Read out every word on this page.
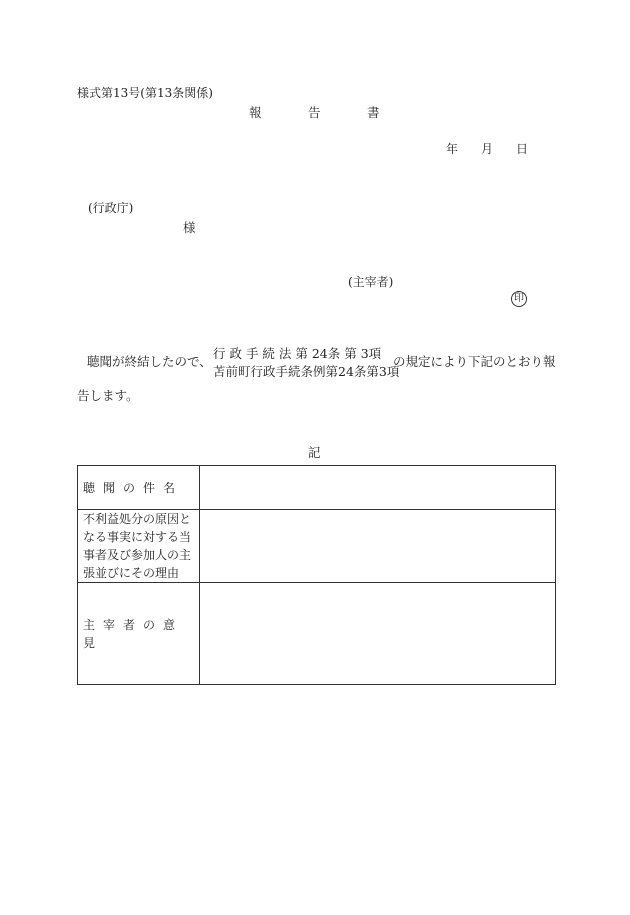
様式第13号(第13条関係)
報	告	書
年 月 日
(行政庁)
様
(主宰者)
印
聴聞が終結したので、
行 政 手 続 法 第 24条 第 3項
苫前町行政手続条例第24条第3項
の規定により下記のとおり報
告します。
記
聴聞の件名	

不利益処分の原因と
なる事実に対する当
事者及び参加人の主
張並びにその理由	

主宰者の意見	
